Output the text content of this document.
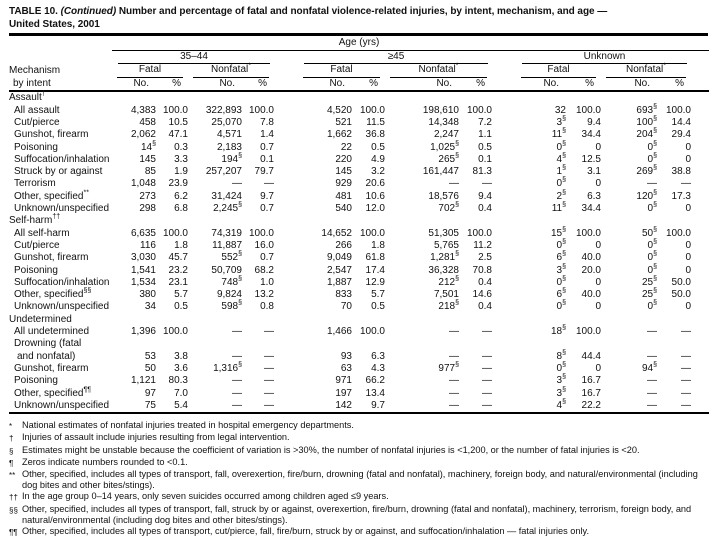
TABLE 10. (Continued) Number and percentage of fatal and nonfatal violence-related injuries, by intent, mechanism, and age —
United States, 2001

	Age (yrs)														

	35–44					≥45					Unknown				

Mechanism	Fatal		Nonfatal*			Fatal		Nonfatal*			Fatal		Nonfatal*

by intent	No.	%	No.	%		No.	%	No.	%		No.	%	No.	%	
Assault†
All assault	4,383	100.0	322,893	100.0		4,520	100.0	198,610	100.0		32	100.0	693§	100.0	
Cut/pierce	458	10.5	25,070	7.8		521	11.5	14,348	7.2		3§	9.4	100§	14.4	
Gunshot, firearm	2,062	47.1	4,571	1.4		1,662	36.8	2,247	1.1		11§	34.4	204§	29.4	
Poisoning	14§	0.3	2,183	0.7		22	0.5	1,025§	0.5		0§	0	0§	0	
Suffocation/inhalation	145	3.3	194§	0.1		220	4.9	265§	0.1		4§	12.5	0§	0	
Struck by or against	85	1.9	257,207	79.7		145	3.2	161,447	81.3		1§	3.1	269§	38.8	
Terrorism	1,048	23.9	—	—		929	20.6	—	—		0§	0	—	—	
Other, specified**	273	6.2	31,424	9.7		481	10.6	18,576	9.4		2§	6.3	120§	17.3	
Unknown/unspecified	298	6.8	2,245§	0.7		540	12.0	702§	0.4		11§	34.4	0§	0	
Self-harm††
All self-harm	6,635	100.0	74,319	100.0		14,652	100.0	51,305	100.0		15§	100.0	50§	100.0	
Cut/pierce	116	1.8	11,887	16.0		266	1.8	5,765	11.2		0§	0	0§	0	
Gunshot, firearm	3,030	45.7	552§	0.7		9,049	61.8	1,281§	2.5		6§	40.0	0§	0	
Poisoning	1,541	23.2	50,709	68.2		2,547	17.4	36,328	70.8		3§	20.0	0§	0	
Suffocation/inhalation	1,534	23.1	748§	1.0		1,887	12.9	212§	0.4		0§	0	25§	50.0	
Other, specified§§	380	5.7	9,824	13.2		833	5.7	7,501	14.6		6§	40.0	25§	50.0	
Unknown/unspecified	34	0.5	598§	0.8		70	0.5	218§	0.4		0§	0	0§	0	
Undetermined															
All undetermined	1,396	100.0	—	—		1,466	100.0	—	—		18§	100.0	—	—	
Drowning (fatal
and nonfatal)	53	3.8	—	—		93	6.3	—	—		8§	44.4	—	—	
Gunshot, firearm	50	3.6	1,316§	—		63	4.3	977§	—		0§	0	94§	—	
Poisoning	1,121	80.3	—	—		971	66.2	—	—		3§	16.7	—	—	
Other, specified¶¶	97	7.0	—	—		197	13.4	—	—		3§	16.7	—	—	
Unknown/unspecified	75	5.4	—	—		142	9.7	—	—		4§	22.2	—	—	
*	National estimates of nonfatal injuries treated in hospital emergency departments.
† Injuries of assault include injuries resulting from legal intervention.
§ Estimates might be unstable because the coefficient of variation is >30%, the number of nonfatal injuries is <1,200, or the number of fatal injuries is <20.
¶ Zeros indicate numbers rounded to <0.1.
** Other, specified, includes all types of transport, fall, overexertion, fire/burn, drowning (fatal and nonfatal), machinery, foreign body, and natural/environmental (including dog bites and other bites/stings).
†† In the age group 0–14 years, only seven suicides occurred among children aged ≤9 years.
§§ Other, specified, includes all types of transport, fall, struck by or against, overexertion, fire/burn, drowning (fatal and nonfatal), machinery, terrorism, foreign body, and natural/environmental (including dog bites and other bites/stings).
¶¶ Other, specified, includes all types of transport, cut/pierce, fall, fire/burn, struck by or against, and suffocation/inhalation — fatal injuries only.
